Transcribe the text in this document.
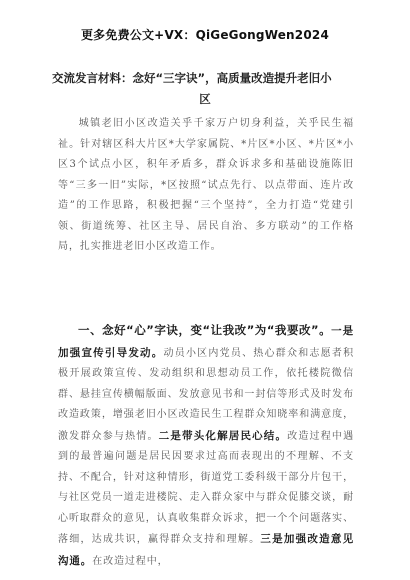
更多免费公文+VX：QiGeGongWen2024
交流发言材料：念好“三字诀”，高质量改造提升老旧小
区
城镇老旧小区改造关乎千家万户切身利益，关乎民生福祉。针对辖区科大片区*大学家属院、*片区*小区、*片区*小区3个试点小区，积年矛盾多，群众诉求多和基础设施陈旧等“三多一旧”实际，*区按照“试点先行、以点带面、连片改造”的工作思路，积极把握“三个坚持”，全力打造“党建引领、街道统筹、社区主导、居民自治、多方联动”的工作格局，扎实推进老旧小区改造工作。
一、念好“心”字诀，变“让我改”为“我要改”。一是加强宣传引导发动。动员小区内党员、热心群众和志愿者积极开展政策宣传、发动组织和思想动员工作，依托楼院微信群、悬挂宣传横幅版面、发放意见书和一封信等形式及时发布改造政策，增强老旧小区改造民生工程群众知晓率和满意度，激发群众参与热情。二是带头化解居民心结。改造过程中遇到的最普遍问题是居民因要求过高而表现出的不理解、不支持、不配合，针对这种情形，街道党工委科级干部分片包干，与社区党员一道走进楼院、走入群众家中与群众促膝交谈，耐心听取群众的意见，认真收集群众诉求，把一个个问题落实、落细，达成共识，赢得群众支持和理解。三是加强改造意见沟通。在改造过程中，
